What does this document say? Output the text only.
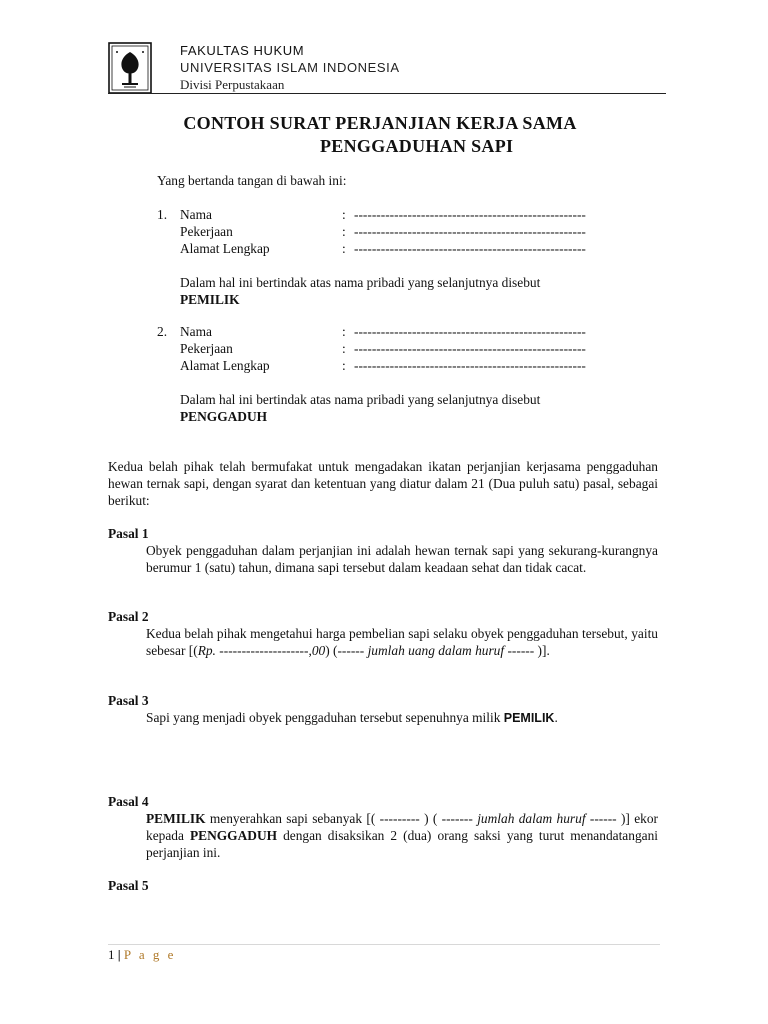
FAKULTAS HUKUM
UNIVERSITAS ISLAM INDONESIA
Divisi Perpustakaan
CONTOH SURAT PERJANJIAN KERJA SAMA
PENGGADUHAN SAPI
Yang bertanda tangan di bawah ini:
1. Nama	: ----------------------------------------------------
Pekerjaan	: ----------------------------------------------------
Alamat Lengkap	: ----------------------------------------------------
Dalam hal ini bertindak atas nama pribadi yang selanjutnya disebut
PEMILIK
2. Nama	: ----------------------------------------------------
Pekerjaan	: ----------------------------------------------------
Alamat Lengkap	: ----------------------------------------------------
Dalam hal ini bertindak atas nama pribadi yang selanjutnya disebut
PENGGADUH
Kedua belah pihak telah bermufakat untuk mengadakan ikatan perjanjian kerjasama penggaduhan hewan ternak sapi, dengan syarat dan ketentuan yang diatur dalam 21 (Dua puluh satu) pasal, sebagai berikut:
Pasal 1
Obyek penggaduhan dalam perjanjian ini adalah hewan ternak sapi yang sekurang-kurangnya berumur 1 (satu) tahun, dimana sapi tersebut dalam keadaan sehat dan tidak cacat.
Pasal 2
Kedua belah pihak mengetahui harga pembelian sapi selaku obyek penggaduhan tersebut, yaitu sebesar [(Rp. --------------------,00) (------ jumlah uang dalam huruf ------ )].
Pasal 3
Sapi yang menjadi obyek penggaduhan tersebut sepenuhnya milik PEMILIK.
Pasal 4
PEMILIK menyerahkan sapi sebanyak [( --------- ) ( ------- jumlah dalam huruf ------ )] ekor kepada PENGGADUH dengan disaksikan 2 (dua) orang saksi yang turut menandatangani perjanjian ini.
Pasal 5
1 | P a g e
